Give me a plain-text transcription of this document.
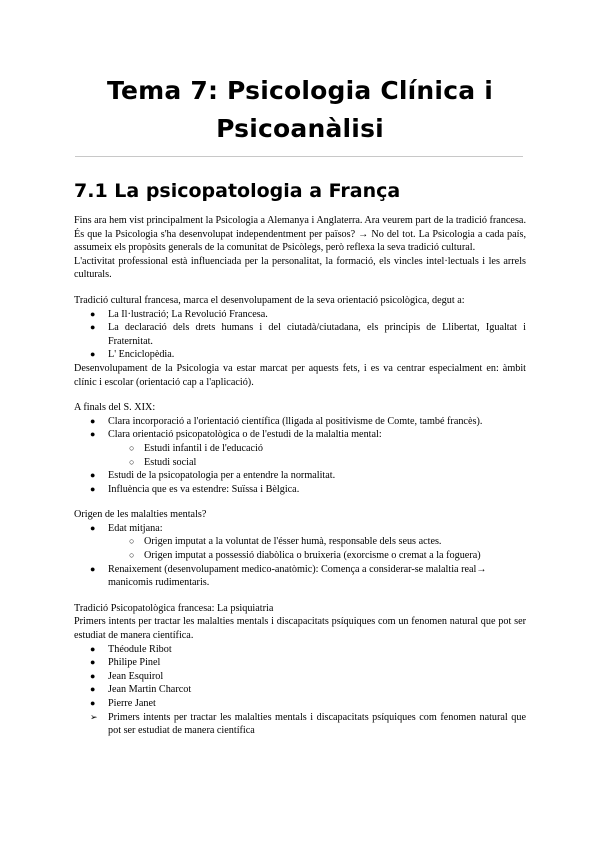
Tema 7: Psicologia Clínica i
Psicoanàlisi
7.1 La psicopatologia a França

Fins ara hem vist principalment la Psicologia a Alemanya i Anglaterra. Ara veurem part de la tradició francesa. És que la Psicologia s'ha desenvolupat independentment per països? → No del tot. La Psicologia a cada país, assumeix els propòsits generals de la comunitat de Psicòlegs, però reflexa la seva tradició cultural.

L'activitat professional està influenciada per la personalitat, la formació, els vincles intel·lectuals i les arrels culturals.

Tradició cultural francesa, marca el desenvolupament de la seva orientació psicològica, degut a:

● La Il·lustració; La Revolució Francesa.
● La declaració dels drets humans i del ciutadà/ciutadana, els principis de Llibertat, Igualtat i Fraternitat.
● L' Enciclopèdia.

Desenvolupament de la Psicologia va estar marcat per aquests fets, i es va centrar especialment en: àmbit clínic i escolar (orientació cap a l'aplicació).

A finals del S. XIX:

● Clara incorporació a l'orientació científica (lligada al positivisme de Comte, també francès).
● Clara orientació psicopatològica o de l'estudi de la malaltia mental:
○ Estudi infantil i de l'educació
○ Estudi social
● Estudi de la psicopatologia per a entendre la normalitat.
● Influència que es va estendre: Suïssa i Bèlgica.

Origen de les malalties mentals?

● Edat mitjana:
○ Origen imputat a la voluntat de l'ésser humà, responsable dels seus actes.
○ Origen imputat a possessió diabòlica o bruixeria (exorcisme o cremat a la foguera)
● Renaixement (desenvolupament medico-anatòmic): Comença a considerar-se malaltia real→ manicomis rudimentaris.

Tradició Psicopatològica francesa: La psiquiatria

Primers intents per tractar les malalties mentals i discapacitats psíquiques com un fenomen natural que pot ser estudiat de manera científica.

● Théodule Ribot
● Philipe Pinel
● Jean Esquirol
● Jean Martin Charcot
● Pierre Janet
➢ Primers intents per tractar les malalties mentals i discapacitats psíquiques com fenomen natural que pot ser estudiat de manera científica
